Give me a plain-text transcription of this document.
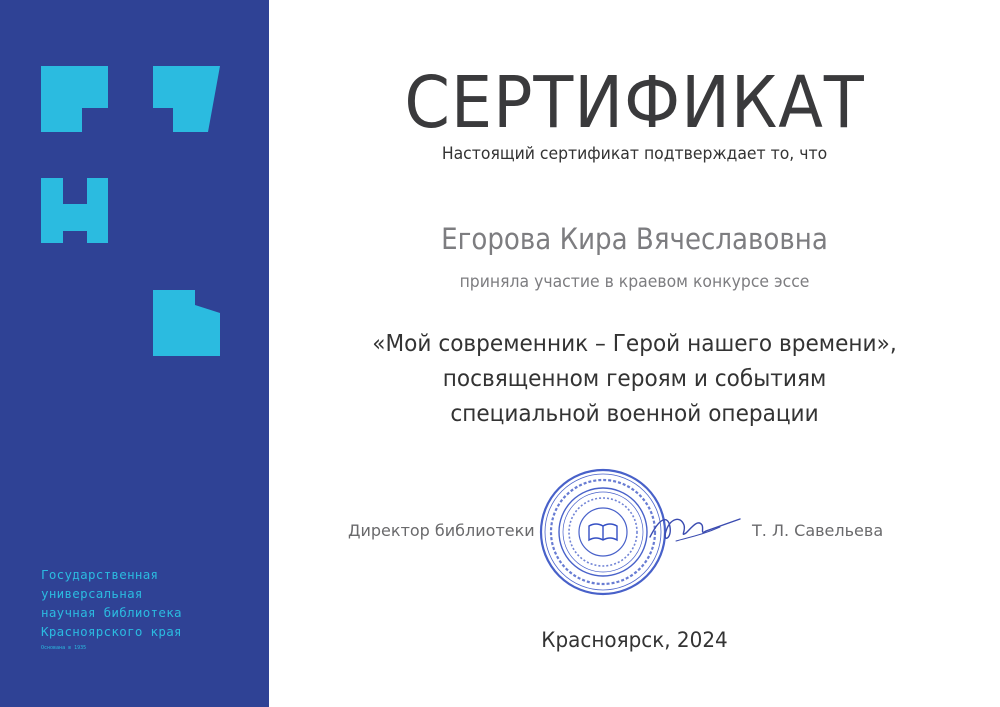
Государственная
универсальная
научная библиотека
Красноярского края
Основана в 1935
СЕРТИФИКАТ
Настоящий сертификат подтверждает то, что
Егорова Кира Вячеславовна
приняла участие в краевом конкурсе эссе
«Мой современник – Герой нашего времени»,
посвященном героям и событиям
специальной военной операции
Директор библиотеки	Т. Л. Савельева
Красноярск, 2024
